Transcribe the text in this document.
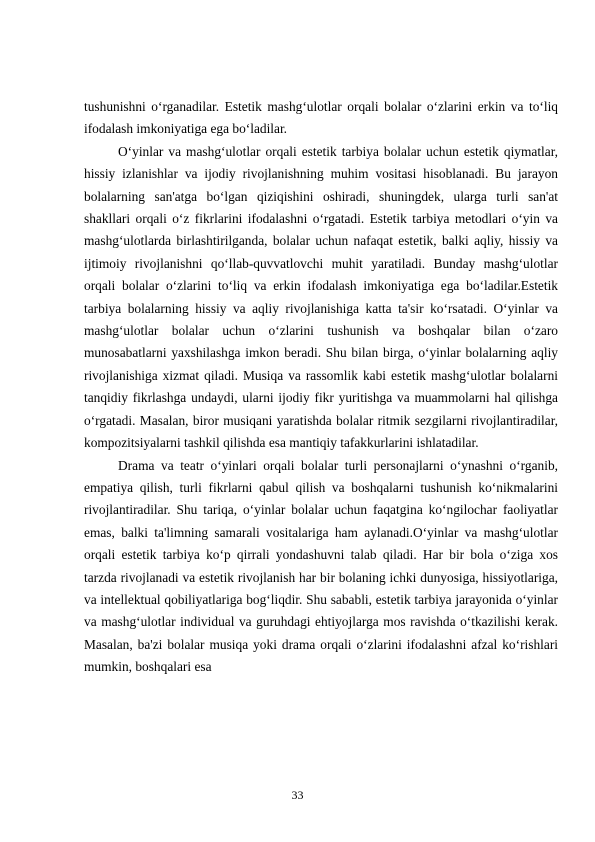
tushunishni o‘rganadilar. Estetik mashg‘ulotlar orqali bolalar o‘zlarini erkin va to‘liq ifodalash imkoniyatiga ega bo‘ladilar.

O‘yinlar va mashg‘ulotlar orqali estetik tarbiya bolalar uchun estetik qiymatlar, hissiy izlanishlar va ijodiy rivojlanishning muhim vositasi hisoblanadi. Bu jarayon bolalarning san'atga bo‘lgan qiziqishini oshiradi, shuningdek, ularga turli san'at shakllari orqali o‘z fikrlarini ifodalashni o‘rgatadi. Estetik tarbiya metodlari o‘yin va mashg‘ulotlarda birlashtirilganda, bolalar uchun nafaqat estetik, balki aqliy, hissiy va ijtimoiy rivojlanishni qo‘llab-quvvatlovchi muhit yaratiladi. Bunday mashg‘ulotlar orqali bolalar o‘zlarini to‘liq va erkin ifodalash imkoniyatiga ega bo‘ladilar.Estetik tarbiya bolalarning hissiy va aqliy rivojlanishiga katta ta'sir ko‘rsatadi. O‘yinlar va mashg‘ulotlar bolalar uchun o‘zlarini tushunish va boshqalar bilan o‘zaro munosabatlarni yaxshilashga imkon beradi. Shu bilan birga, o‘yinlar bolalarning aqliy rivojlanishiga xizmat qiladi. Musiqa va rassomlik kabi estetik mashg‘ulotlar bolalarni tanqidiy fikrlashga undaydi, ularni ijodiy fikr yuritishga va muammolarni hal qilishga o‘rgatadi. Masalan, biror musiqani yaratishda bolalar ritmik sezgilarni rivojlantiradilar, kompozitsiyalarni tashkil qilishda esa mantiqiy tafakkurlarini ishlatadilar.

Drama va teatr o‘yinlari orqali bolalar turli personajlarni o‘ynashni o‘rganib, empatiya qilish, turli fikrlarni qabul qilish va boshqalarni tushunish ko‘nikmalarini rivojlantiradilar. Shu tariqa, o‘yinlar bolalar uchun faqatgina ko‘ngilochar faoliyatlar emas, balki ta'limning samarali vositalariga ham aylanadi.O‘yinlar va mashg‘ulotlar orqali estetik tarbiya ko‘p qirrali yondashuvni talab qiladi. Har bir bola o‘ziga xos tarzda rivojlanadi va estetik rivojlanish har bir bolaning ichki dunyosiga, hissiyotlariga, va intellektual qobiliyatlariga bog‘liqdir. Shu sababli, estetik tarbiya jarayonida o‘yinlar va mashg‘ulotlar individual va guruhdagi ehtiyojlarga mos ravishda o‘tkazilishi kerak. Masalan, ba'zi bolalar musiqa yoki drama orqali o‘zlarini ifodalashni afzal ko‘rishlari mumkin, boshqalari esa

33
